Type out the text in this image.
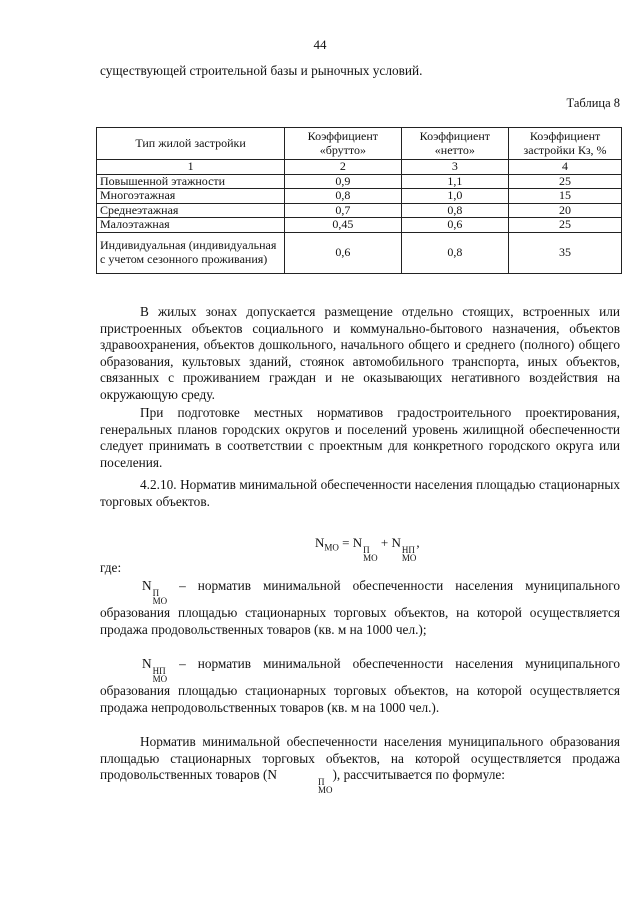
44
существующей строительной базы и рыночных условий.
Таблица 8
Тип жилой застройки	Коэффициент «брутто»	Коэффициент «нетто»	Коэффициент застройки Кз, %
1	2	3	4
Повышенной этажности	0,9	1,1	25
Многоэтажная	0,8	1,0	15
Среднеэтажная	0,7	0,8	20
Малоэтажная	0,45	0,6	25
Индивидуальная (индивидуальная с учетом сезонного проживания)	0,6	0,8	35
В жилых зонах допускается размещение отдельно стоящих, встроенных или пристроенных объектов социального и коммунально-бытового назначения, объектов здравоохранения, объектов дошкольного, начального общего и среднего (полного) общего образования, культовых зданий, стоянок автомобильного транспорта, иных объектов, связанных с проживанием граждан и не оказывающих негативного воздействия на окружающую среду.
При подготовке местных нормативов градостроительного проектирования, генеральных планов городских округов и поселений уровень жилищной обеспеченности следует принимать в соответствии с проектным для конкретного городского округа или поселения.
4.2.10. Норматив минимальной обеспеченности населения площадью стационарных торговых объектов.
$N_{МО} = N$ П
МО
+ N НП
МО
,
где:
N П
МО
– норматив минимальной обеспеченности населения муниципального образования площадью стационарных торговых объектов, на которой осуществляется продажа продовольственных товаров (кв. м на 1000 чел.);
N НП
МО
– норматив минимальной обеспеченности населения муниципального образования площадью стационарных торговых объектов, на которой осуществляется продажа непродовольственных товаров (кв. м на 1000 чел.).
Норматив минимальной обеспеченности населения муниципального образования площадью стационарных торговых объектов, на которой осуществляется продажа продовольственных товаров (N	П
МО
), рассчитывается по формуле:
